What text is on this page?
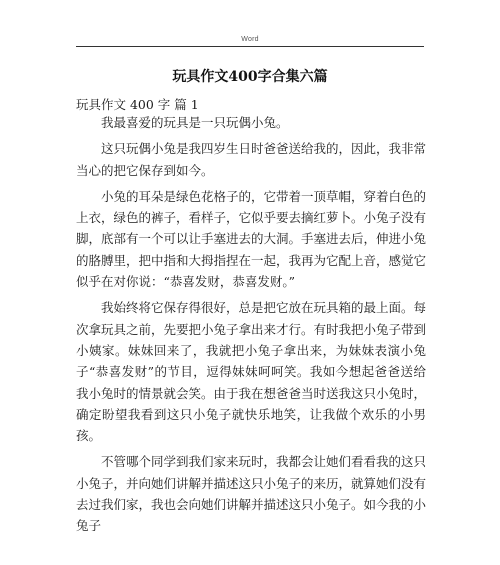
Word
玩具作文400字合集六篇
玩具作文 400 字 篇 1

我最喜爱的玩具是一只玩偶小兔。

这只玩偶小兔是我四岁生日时爸爸送给我的，因此，我非常当心的把它保存到如今。

小兔的耳朵是绿色花格子的，它带着一顶草帽，穿着白色的上衣，绿色的裤子，看样子，它似乎要去摘红萝卜。小兔子没有脚，底部有一个可以让手塞进去的大洞。手塞进去后，伸进小兔的胳膊里，把中指和大拇指捏在一起，我再为它配上音，感觉它似乎在对你说：“恭喜发财，恭喜发财。”

我始终将它保存得很好，总是把它放在玩具箱的最上面。每次拿玩具之前，先要把小兔子拿出来才行。有时我把小兔子带到小姨家。妹妹回来了，我就把小兔子拿出来，为妹妹表演小兔子“恭喜发财”的节目，逗得妹妹呵呵笑。我如今想起爸爸送给我小兔时的情景就会笑。由于我在想爸爸当时送我这只小兔时，确定盼望我看到这只小兔子就快乐地笑，让我做个欢乐的小男孩。

不管哪个同学到我们家来玩时，我都会让她们看看我的这只小兔子，并向她们讲解并描述这只小兔子的来历，就算她们没有去过我们家，我也会向她们讲解并描述这只小兔子。如今我的小兔子
